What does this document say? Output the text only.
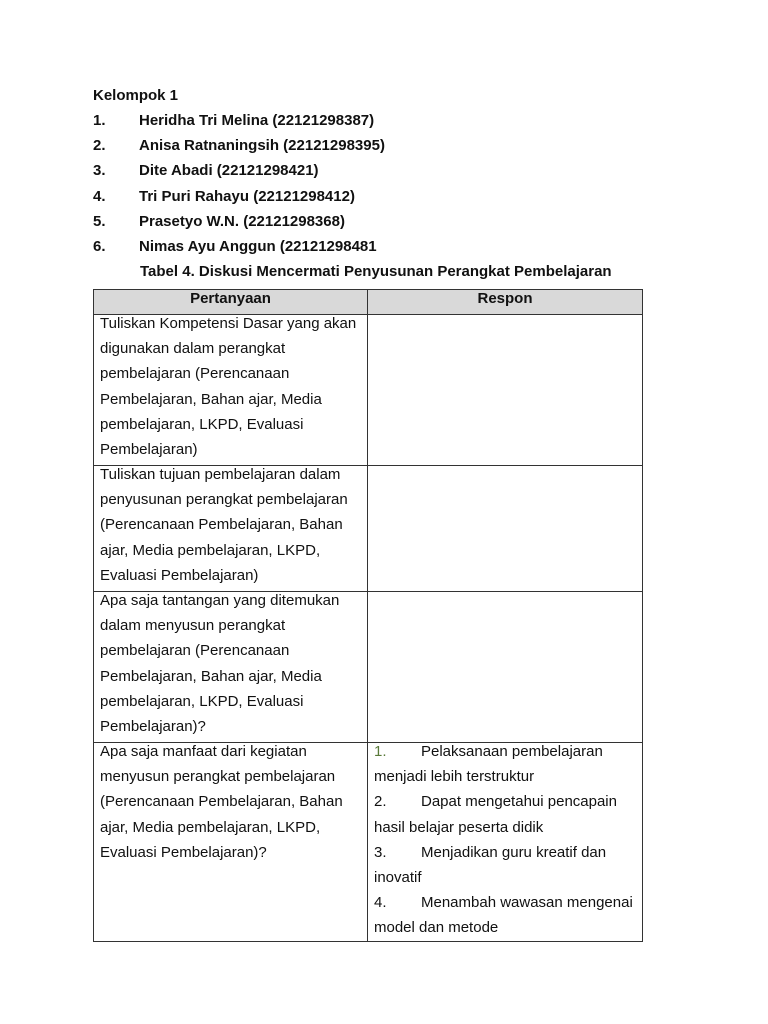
Kelompok 1
1. Heridha Tri Melina (22121298387)
2. Anisa Ratnaningsih (22121298395)
3. Dite Abadi (22121298421)
4. Tri Puri Rahayu (22121298412)
5. Prasetyo W.N. (22121298368)
6. Nimas Ayu Anggun (22121298481
Tabel 4. Diskusi Mencermati Penyusunan Perangkat Pembelajaran
Pertanyaan	Respon

Tuliskan Kompetensi Dasar yang akan digunakan dalam perangkat pembelajaran (Perencanaan Pembelajaran, Bahan ajar, Media pembelajaran, LKPD, Evaluasi Pembelajaran)	

Tuliskan tujuan pembelajaran dalam penyusunan perangkat pembelajaran (Perencanaan Pembelajaran, Bahan ajar, Media pembelajaran, LKPD, Evaluasi Pembelajaran)	

Apa saja tantangan yang ditemukan dalam menyusun perangkat pembelajaran (Perencanaan Pembelajaran, Bahan ajar, Media pembelajaran, LKPD, Evaluasi Pembelajaran)?	

Apa saja manfaat dari kegiatan menyusun perangkat pembelajaran (Perencanaan Pembelajaran, Bahan ajar, Media pembelajaran, LKPD, Evaluasi Pembelajaran)?	1. Pelaksanaan pembelajaran menjadi lebih terstruktur
2. Dapat mengetahui pencapain hasil belajar peserta didik
3. Menjadikan guru kreatif dan inovatif
4. Menambah wawasan mengenai model dan metode
